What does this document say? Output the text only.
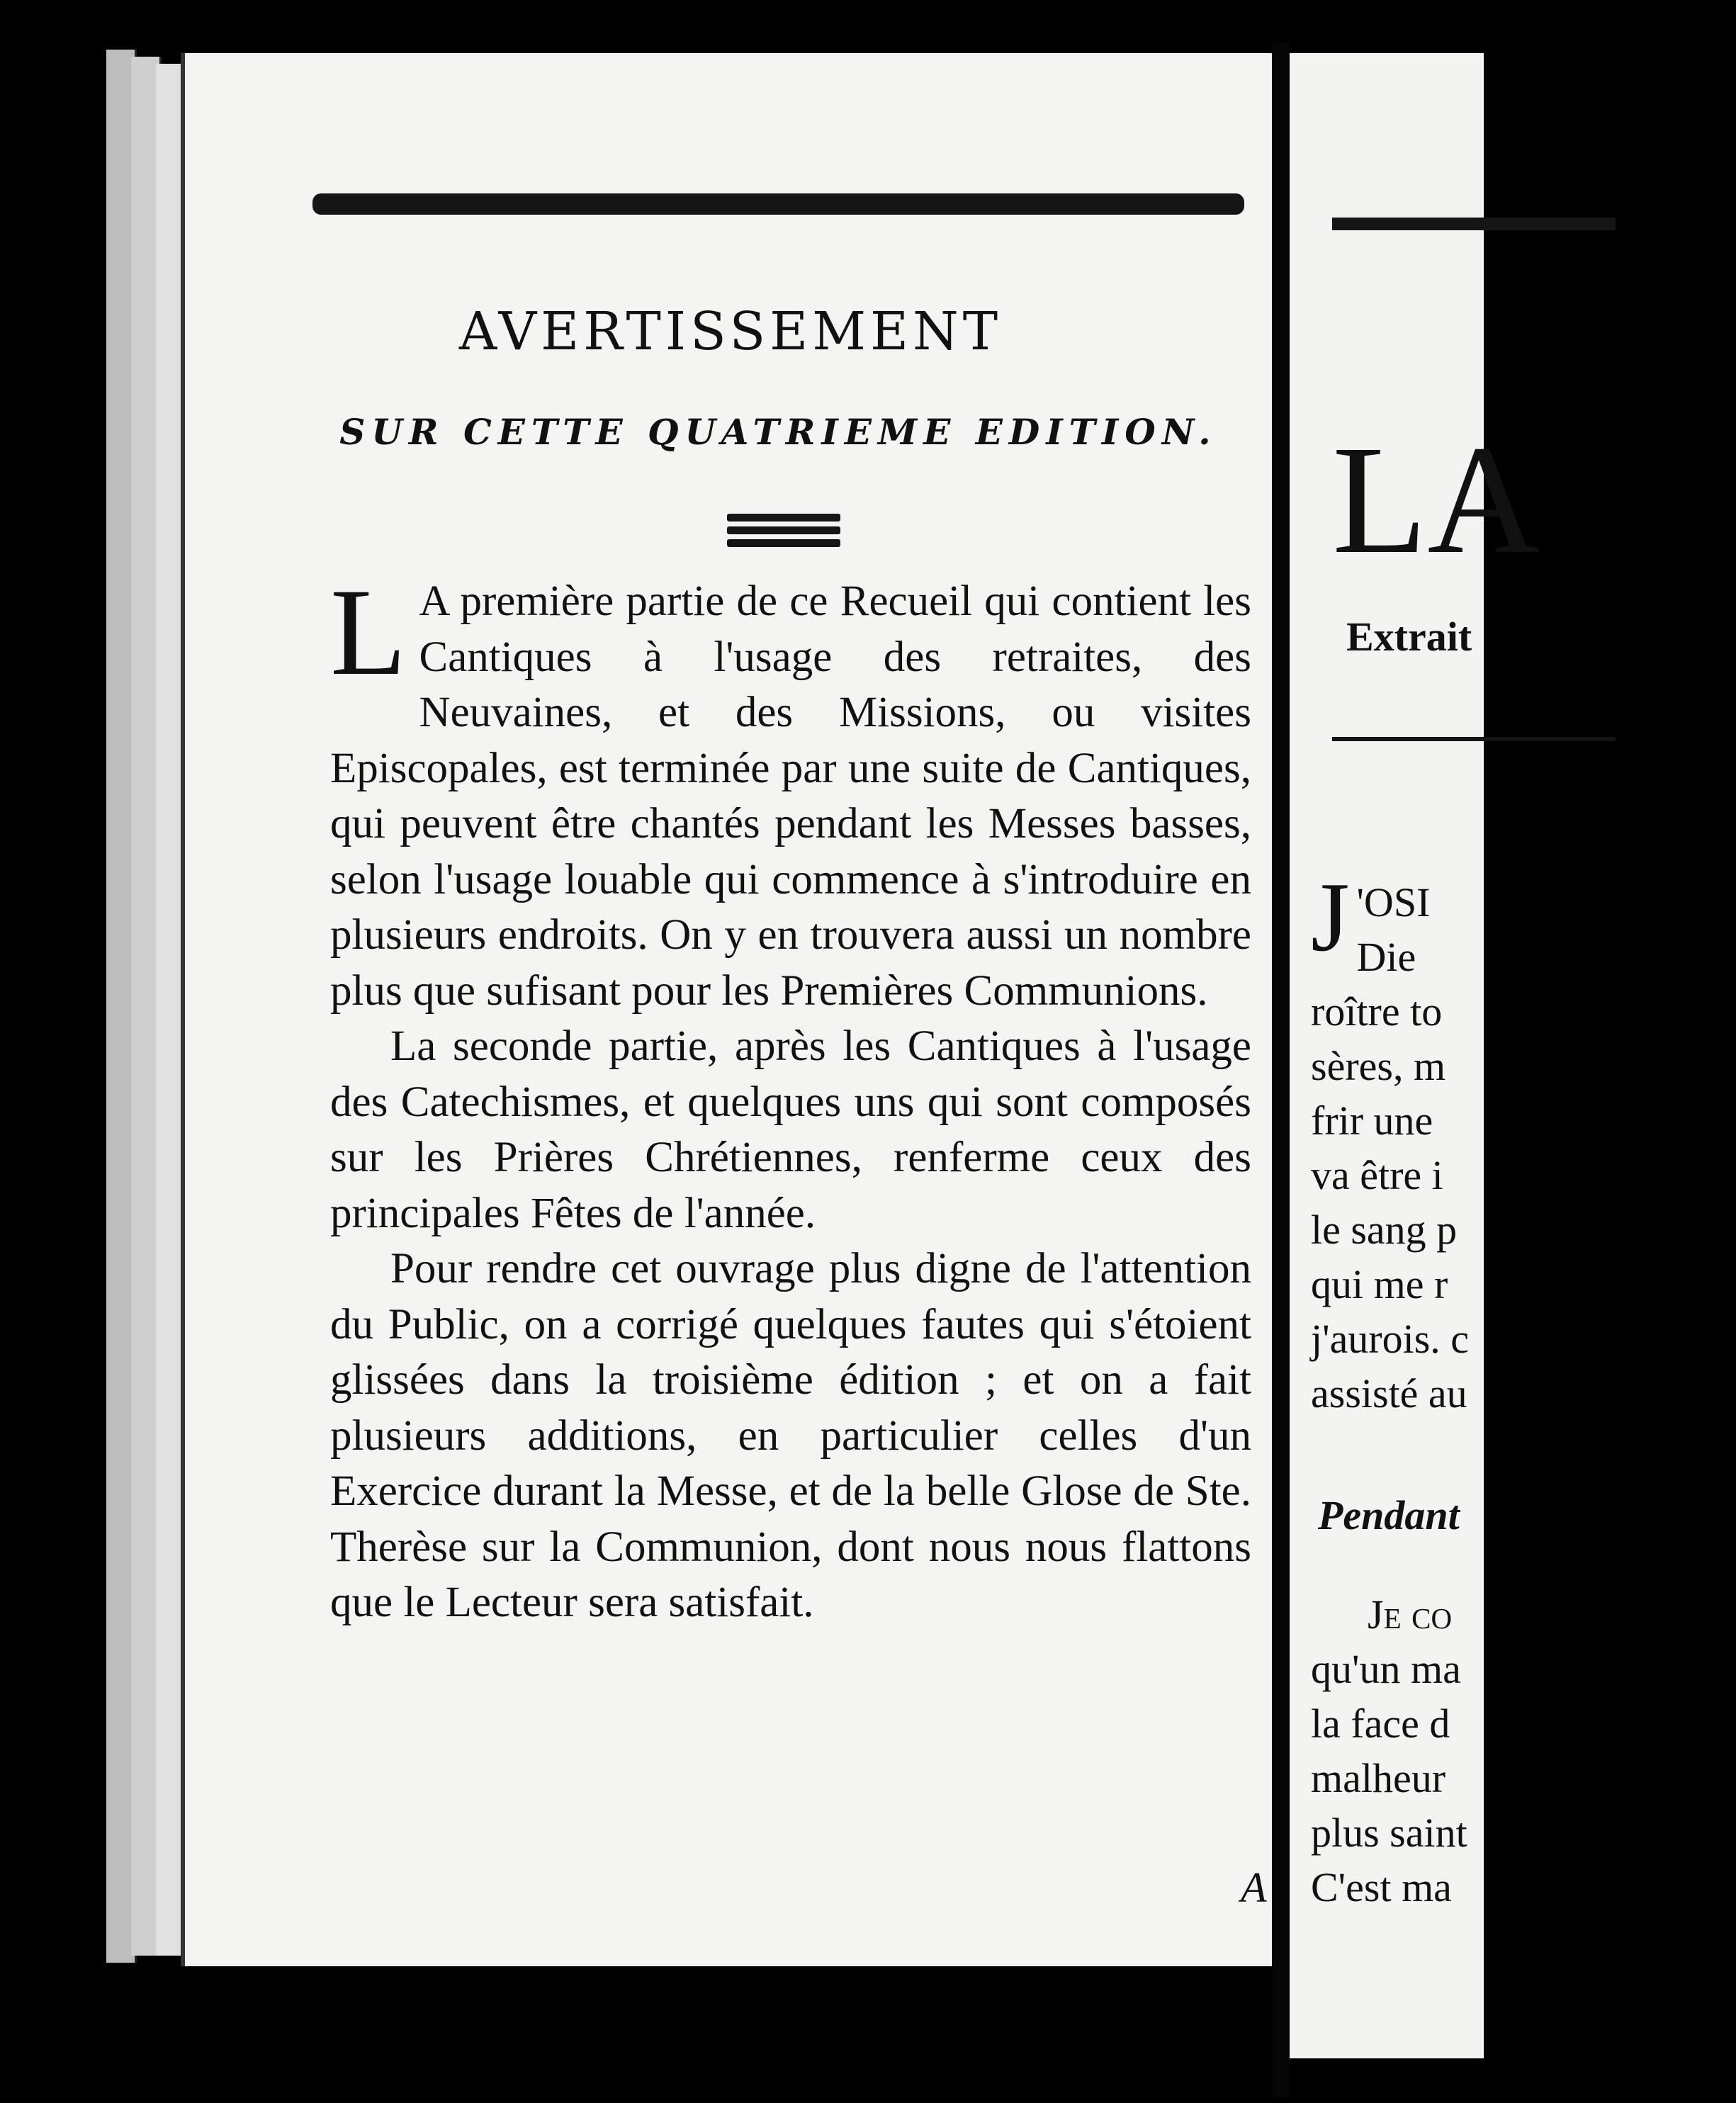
AVERTISSEMENT
SUR CETTE QUATRIEME EDITION.

L A première partie de ce Recueil qui contient les Cantiques à l'usage des retraites, des Neuvaines, et des Missions, ou visites Episcopales, est terminée par une suite de Cantiques, qui peuvent être chantés pendant les Messes basses, selon l'usage louable qui commence à s'introduire en plusieurs endroits. On y en trouvera aussi un nombre plus que sufisant pour les Premières Communions.

La seconde partie, après les Cantiques à l'usage des Catechismes, et quelques uns qui sont composés sur les Prières Chrétiennes, renferme ceux des principales Fêtes de l'année.

Pour rendre cet ouvrage plus digne de l'attention du Public, on a corrigé quelques fautes qui s'étoient glissées dans la troisième édition ; et on a fait plusieurs additions, en particulier celles d'un Exercice durant la Messe, et de la belle Glose de Ste. Therèse sur la Communion, dont nous nous flattons que le Lecteur sera satisfait.

A
LA
Extrait
J 'OSI
Die
roître to
sères, m
frir une
va être i
le sang p
qui me r
j'aurois. c
assisté au
Pendant
Je co
qu'un ma
la face d
malheur
plus saint
C'est ma
